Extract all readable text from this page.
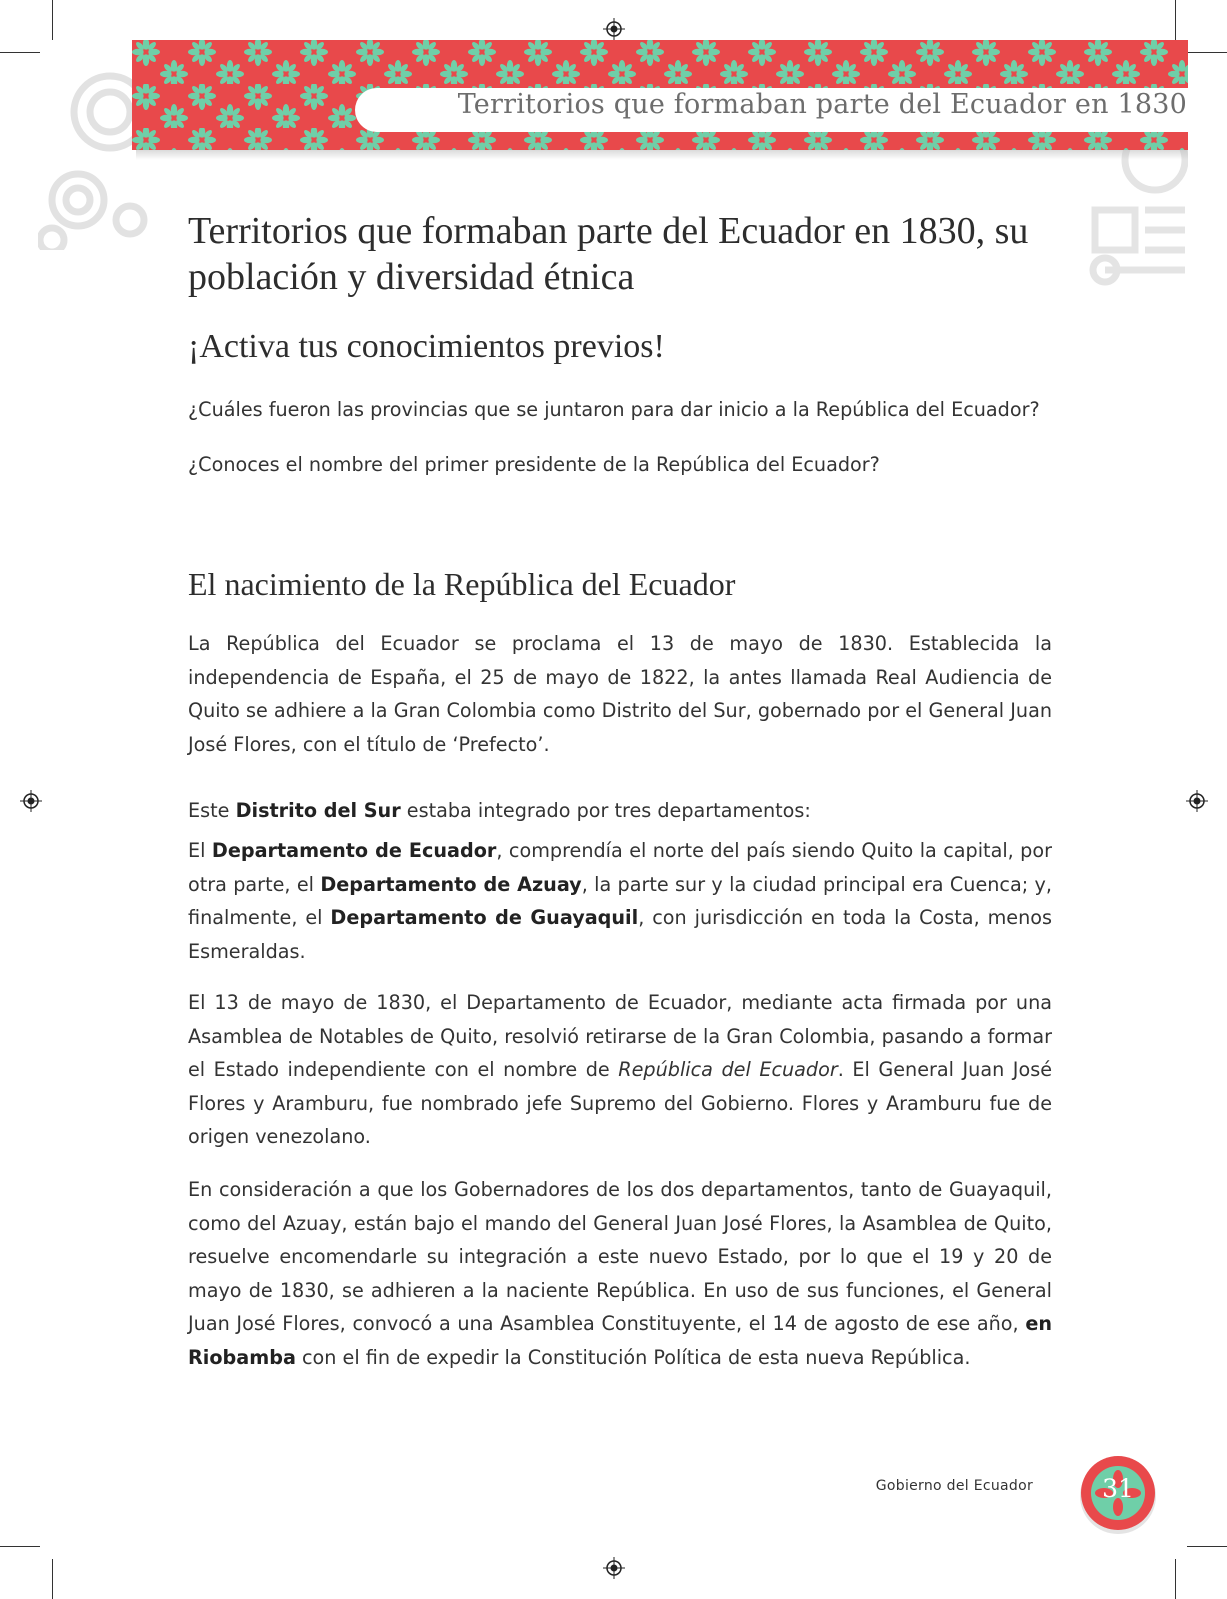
Territorios que formaban parte del Ecuador en 1830
Territorios que formaban parte del Ecuador en 1830, su población y diversidad étnica
¡Activa tus conocimientos previos!

¿Cuáles fueron las provincias que se juntaron para dar inicio a la República del Ecuador?

¿Conoces el nombre del primer presidente de la República del Ecuador?

El nacimiento de la República del Ecuador

La República del Ecuador se proclama el 13 de mayo de 1830. Establecida la independencia de España, el 25 de mayo de 1822, la antes llamada Real Audiencia de Quito se adhiere a la Gran Colombia como Distrito del Sur, gobernado por el General Juan José Flores, con el título de ‘Prefecto’.

Este Distrito del Sur estaba integrado por tres departamentos:

El Departamento de Ecuador, comprendía el norte del país siendo Quito la capital, por otra parte, el Departamento de Azuay, la parte sur y la ciudad principal era Cuenca; y, finalmente, el Departamento de Guayaquil, con jurisdicción en toda la Costa, menos Esmeraldas.

El 13 de mayo de 1830, el Departamento de Ecuador, mediante acta firmada por una Asamblea de Notables de Quito, resolvió retirarse de la Gran Colombia, pasando a formar el Estado independiente con el nombre de República del Ecuador. El General Juan José Flores y Aramburu, fue nombrado jefe Supremo del Gobierno. Flores y Aramburu fue de origen venezolano.

En consideración a que los Gobernadores de los dos departamentos, tanto de Guayaquil, como del Azuay, están bajo el mando del General Juan José Flores, la Asamblea de Quito, resuelve encomendarle su integración a este nuevo Estado, por lo que el 19 y 20 de mayo de 1830, se adhieren a la naciente República. En uso de sus funciones, el General Juan José Flores, convocó a una Asamblea Constituyente, el 14 de agosto de ese año, en Riobamba con el fin de expedir la Constitución Política de esta nueva República.

Gobierno del Ecuador	31
